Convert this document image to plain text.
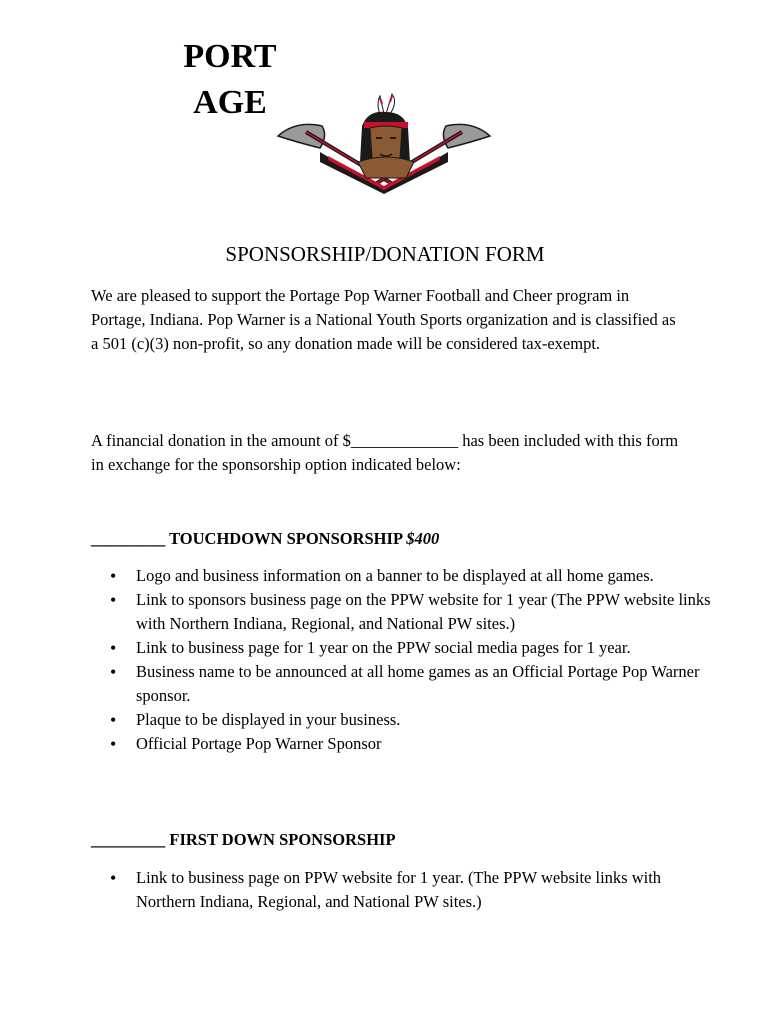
PORT
AGE
SPONSORSHIP/DONATION FORM

We are pleased to support the Portage Pop Warner Football and Cheer program in Portage, Indiana. Pop Warner is a National Youth Sports organization and is classified as a 501 (c)(3) non-profit, so any donation made will be considered tax-exempt.

A financial donation in the amount of $_____________ has been included with this form in exchange for the sponsorship option indicated below:

_________ TOUCHDOWN SPONSORSHIP $400

• Logo and business information on a banner to be displayed at all home games.
• Link to sponsors business page on the PPW website for 1 year (The PPW website links with Northern Indiana, Regional, and National PW sites.)
• Link to business page for 1 year on the PPW social media pages for 1 year.
• Business name to be announced at all home games as an Official Portage Pop Warner sponsor.
• Plaque to be displayed in your business.
• Official Portage Pop Warner Sponsor

_________ FIRST DOWN SPONSORSHIP

• Link to business page on PPW website for 1 year. (The PPW website links with Northern Indiana, Regional, and National PW sites.)
